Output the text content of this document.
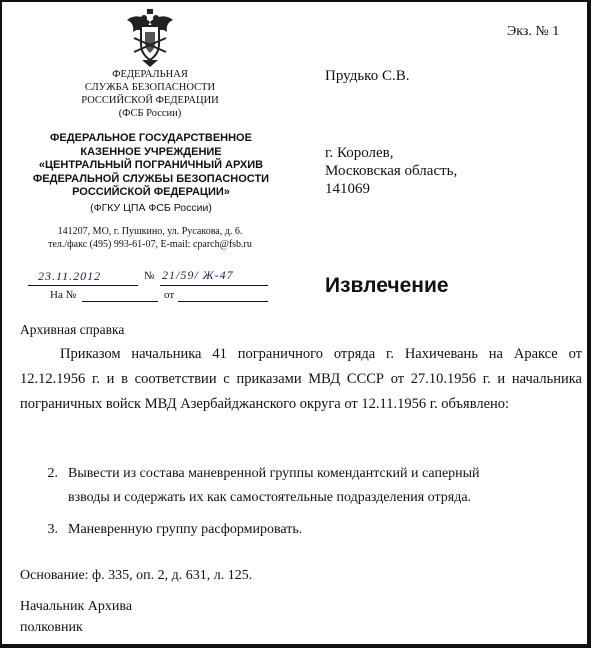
Экз. № 1
ФЕДЕРАЛЬНАЯ
СЛУЖБА БЕЗОПАСНОСТИ
РОССИЙСКОЙ ФЕДЕРАЦИИ
(ФСБ России)
ФЕДЕРАЛЬНОЕ ГОСУДАРСТВЕННОЕ
КАЗЕННОЕ УЧРЕЖДЕНИЕ
«ЦЕНТРАЛЬНЫЙ ПОГРАНИЧНЫЙ АРХИВ
ФЕДЕРАЛЬНОЙ СЛУЖБЫ БЕЗОПАСНОСТИ
РОССИЙСКОЙ ФЕДЕРАЦИИ»
(ФГКУ ЦПА ФСБ России)
141207, МО, г. Пушкино, ул. Русакова, д. 6.
тел./факс (495) 993-61-07, E-mail: cparch@fsb.ru
23.11.2012	№ 21/59/ Ж-47
На №	от
Прудько С.В.
г. Королев,
Московская область,
141069
Извлечение
Архивная справка
Приказом начальника 41 пограничного отряда г. Нахичевань на Араксе от 12.12.1956 г. и в соответствии с приказами МВД СССР от 27.10.1956 г. и начальника пограничных войск МВД Азербайджанского округа от 12.11.1956 г. объявлено:
2. Вывести из состава маневренной группы комендантский и саперный
взводы и содержать их как самостоятельные подразделения отряда.
3. Маневренную группу расформировать.
Основание: ф. 335, оп. 2, д. 631, л. 125.
Начальник Архива
полковник
